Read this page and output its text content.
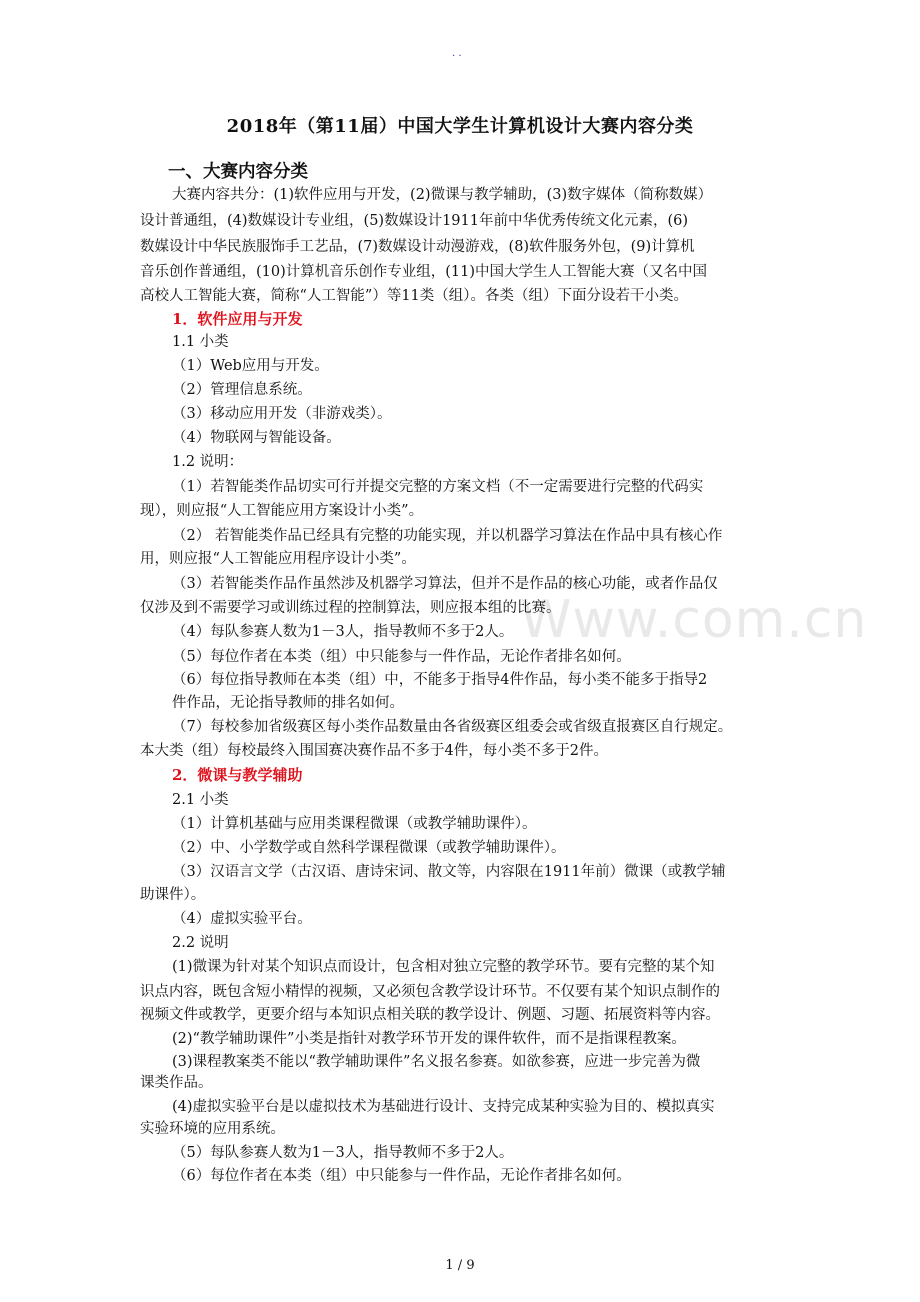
Www.com.cn
. .
2018年（第11届）中国大学生计算机设计大赛内容分类
一、大赛内容分类
大赛内容共分：(1)软件应用与开发，(2)微课与教学辅助，(3)数字媒体（简称数媒）
设计普通组，(4)数媒设计专业组，(5)数媒设计1911年前中华优秀传统文化元素，(6)
数媒设计中华民族服饰手工艺品，(7)数媒设计动漫游戏，(8)软件服务外包，(9)计算机
音乐创作普通组，(10)计算机音乐创作专业组，(11)中国大学生人工智能大赛（又名中国
高校人工智能大赛，简称“人工智能”）等11类（组）。各类（组）下面分设若干小类。
1．软件应用与开发
1.1 小类
（1）Web应用与开发。
（2）管理信息系统。
（3）移动应用开发（非游戏类）。
（4）物联网与智能设备。
1.2 说明：
（1）若智能类作品切实可行并提交完整的方案文档（不一定需要进行完整的代码实
现），则应报“人工智能应用方案设计小类”。
（2） 若智能类作品已经具有完整的功能实现，并以机器学习算法在作品中具有核心作
用，则应报“人工智能应用程序设计小类”。
（3）若智能类作品作虽然涉及机器学习算法，但并不是作品的核心功能，或者作品仅
仅涉及到不需要学习或训练过程的控制算法，则应报本组的比赛。
（4）每队参赛人数为1－3人，指导教师不多于2人。
（5）每位作者在本类（组）中只能参与一件作品，无论作者排名如何。
（6）每位指导教师在本类（组）中，不能多于指导4件作品，每小类不能多于指导2
件作品，无论指导教师的排名如何。
（7）每校参加省级赛区每小类作品数量由各省级赛区组委会或省级直报赛区自行规定。
本大类（组）每校最终入围国赛决赛作品不多于4件，每小类不多于2件。
2．微课与教学辅助
2.1 小类
（1）计算机基础与应用类课程微课（或教学辅助课件）。
（2）中、小学数学或自然科学课程微课（或教学辅助课件）。
（3）汉语言文学（古汉语、唐诗宋词、散文等，内容限在1911年前）微课（或教学辅
助课件）。
（4）虚拟实验平台。
2.2 说明
(1)微课为针对某个知识点而设计，包含相对独立完整的教学环节。要有完整的某个知
识点内容，既包含短小精悍的视频，又必须包含教学设计环节。不仅要有某个知识点制作的
视频文件或教学，更要介绍与本知识点相关联的教学设计、例题、习题、拓展资料等内容。
(2)“教学辅助课件”小类是指针对教学环节开发的课件软件，而不是指课程教案。
(3)课程教案类不能以“教学辅助课件”名义报名参赛。如欲参赛，应进一步完善为微
课类作品。
(4)虚拟实验平台是以虚拟技术为基础进行设计、支持完成某种实验为目的、模拟真实
实验环境的应用系统。
（5）每队参赛人数为1－3人，指导教师不多于2人。
（6）每位作者在本类（组）中只能参与一件作品，无论作者排名如何。
1 / 9
